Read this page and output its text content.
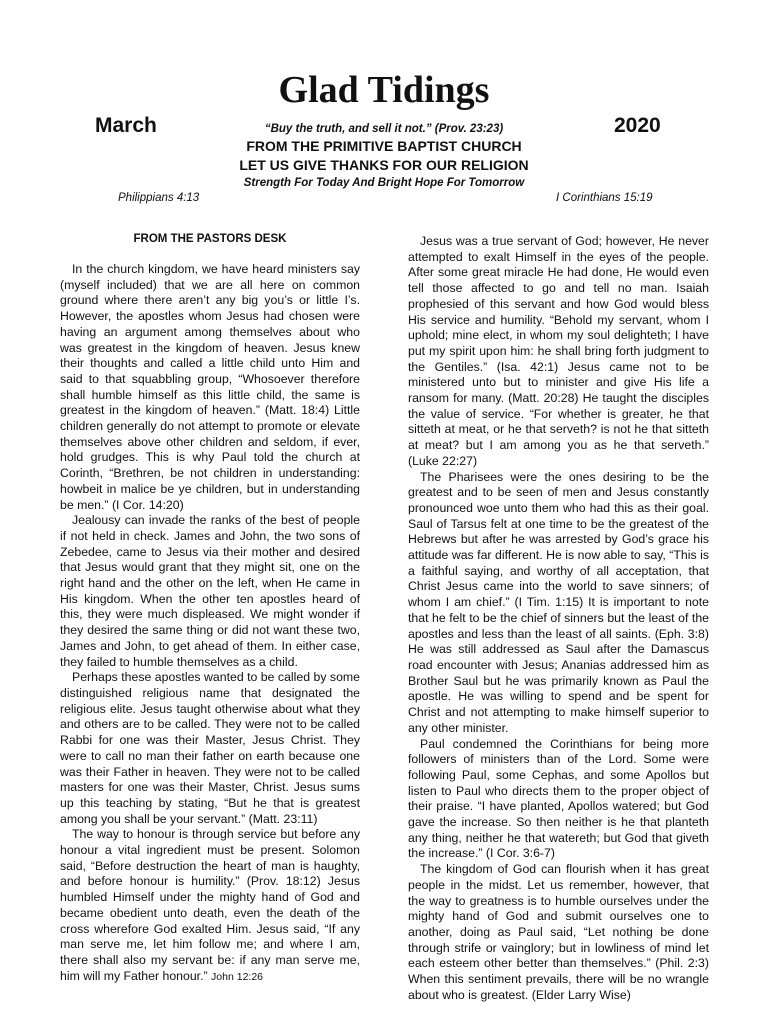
Glad Tidings
March	“Buy the truth, and sell it not.” (Prov. 23:23)	2020
FROM THE PRIMITIVE BAPTIST CHURCH
LET US GIVE THANKS FOR OUR RELIGION
Strength For Today And Bright Hope For Tomorrow
Philippians 4:13	I Corinthians 15:19
FROM THE PASTORS DESK

In the church kingdom, we have heard ministers say (myself included) that we are all here on common ground where there aren’t any big you’s or little I’s. However, the apostles whom Jesus had chosen were having an argument among themselves about who was greatest in the kingdom of heaven. Jesus knew their thoughts and called a little child unto Him and said to that squabbling group, “Whosoever therefore shall humble himself as this little child, the same is greatest in the kingdom of heaven.” (Matt. 18:4) Little children generally do not attempt to promote or elevate themselves above other children and seldom, if ever, hold grudges. This is why Paul told the church at Corinth, “Brethren, be not children in understanding: howbeit in malice be ye children, but in understanding be men.” (I Cor. 14:20)

Jealousy can invade the ranks of the best of people if not held in check. James and John, the two sons of Zebedee, came to Jesus via their mother and desired that Jesus would grant that they might sit, one on the right hand and the other on the left, when He came in His kingdom. When the other ten apostles heard of this, they were much displeased. We might wonder if they desired the same thing or did not want these two, James and John, to get ahead of them. In either case, they failed to humble themselves as a child.

Perhaps these apostles wanted to be called by some distinguished religious name that designated the religious elite. Jesus taught otherwise about what they and others are to be called. They were not to be called Rabbi for one was their Master, Jesus Christ. They were to call no man their father on earth because one was their Father in heaven. They were not to be called masters for one was their Master, Christ. Jesus sums up this teaching by stating, “But he that is greatest among you shall be your servant.” (Matt. 23:11)

The way to honour is through service but before any honour a vital ingredient must be present. Solomon said, “Before destruction the heart of man is haughty, and before honour is humility.” (Prov. 18:12) Jesus humbled Himself under the mighty hand of God and became obedient unto death, even the death of the cross wherefore God exalted Him. Jesus said, “If any man serve me, let him follow me; and where I am, there shall also my servant be: if any man serve me, him will my Father honour.” John 12:26

Jesus was a true servant of God; however, He never attempted to exalt Himself in the eyes of the people. After some great miracle He had done, He would even tell those affected to go and tell no man. Isaiah prophesied of this servant and how God would bless His service and humility. “Behold my servant, whom I uphold; mine elect, in whom my soul delighteth; I have put my spirit upon him: he shall bring forth judgment to the Gentiles.” (Isa. 42:1) Jesus came not to be ministered unto but to minister and give His life a ransom for many. (Matt. 20:28) He taught the disciples the value of service. “For whether is greater, he that sitteth at meat, or he that serveth? is not he that sitteth at meat? but I am among you as he that serveth.” (Luke 22:27)

The Pharisees were the ones desiring to be the greatest and to be seen of men and Jesus constantly pronounced woe unto them who had this as their goal. Saul of Tarsus felt at one time to be the greatest of the Hebrews but after he was arrested by God’s grace his attitude was far different. He is now able to say, “This is a faithful saying, and worthy of all acceptation, that Christ Jesus came into the world to save sinners; of whom I am chief.” (I Tim. 1:15) It is important to note that he felt to be the chief of sinners but the least of the apostles and less than the least of all saints. (Eph. 3:8) He was still addressed as Saul after the Damascus road encounter with Jesus; Ananias addressed him as Brother Saul but he was primarily known as Paul the apostle. He was willing to spend and be spent for Christ and not attempting to make himself superior to any other minister.

Paul condemned the Corinthians for being more followers of ministers than of the Lord. Some were following Paul, some Cephas, and some Apollos but listen to Paul who directs them to the proper object of their praise. “I have planted, Apollos watered; but God gave the increase. So then neither is he that planteth any thing, neither he that watereth; but God that giveth the increase.” (I Cor. 3:6-7)

The kingdom of God can flourish when it has great people in the midst. Let us remember, however, that the way to greatness is to humble ourselves under the mighty hand of God and submit ourselves one to another, doing as Paul said, “Let nothing be done through strife or vainglory; but in lowliness of mind let each esteem other better than themselves.” (Phil. 2:3) When this sentiment prevails, there will be no wrangle about who is greatest. (Elder Larry Wise)
